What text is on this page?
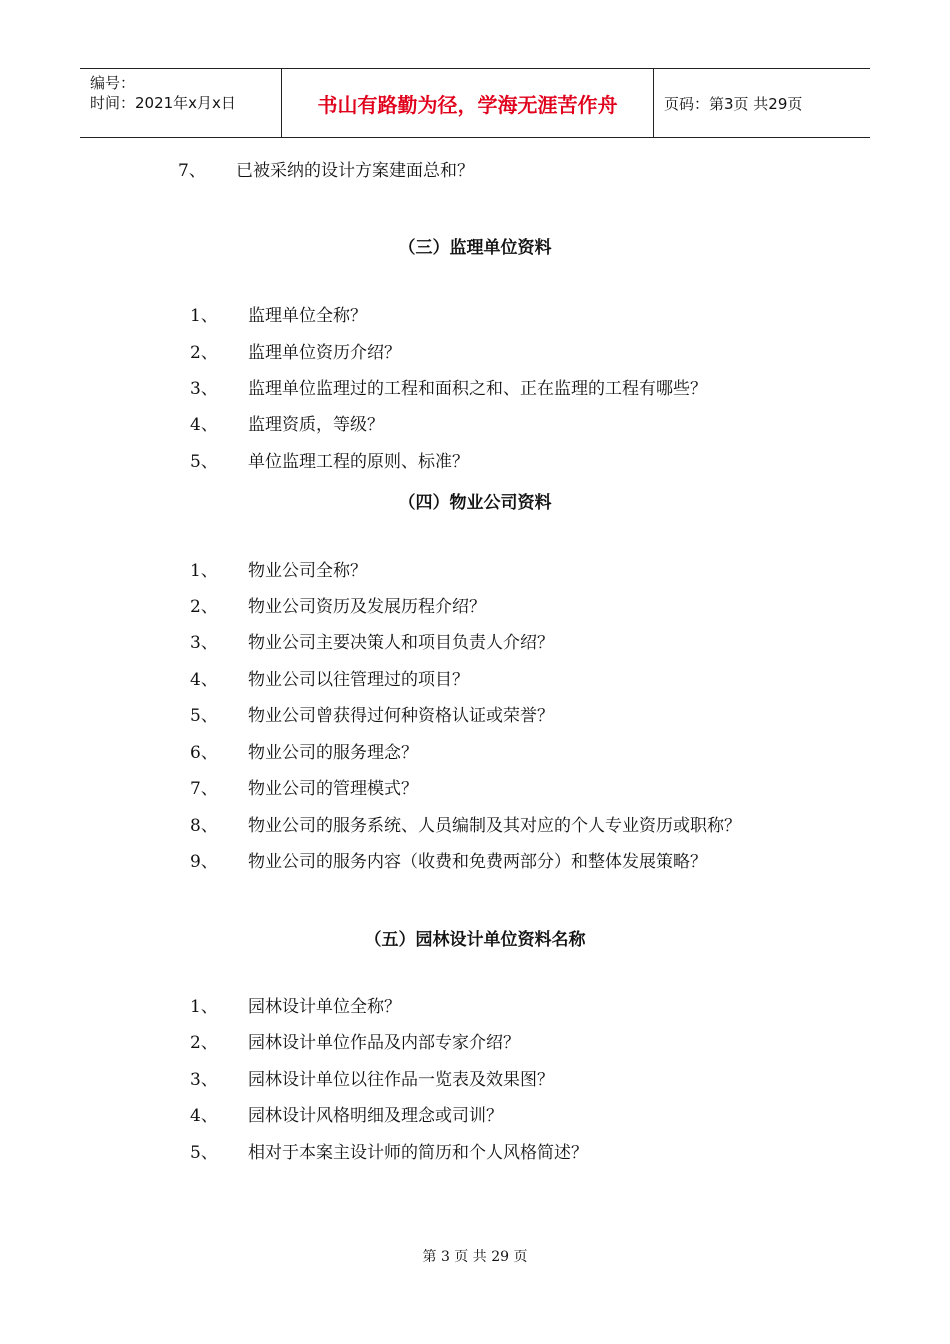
编号：
时间：2021年x月x日	书山有路勤为径，学海无涯苦作舟	页码：第3页 共29页
7、 已被采纳的设计方案建面总和？
（三）监理单位资料
1、 监理单位全称？
2、 监理单位资历介绍？
3、 监理单位监理过的工程和面积之和、正在监理的工程有哪些？
4、 监理资质，等级？
5、 单位监理工程的原则、标准？
（四）物业公司资料
1、 物业公司全称？
2、 物业公司资历及发展历程介绍？
3、 物业公司主要决策人和项目负责人介绍？
4、 物业公司以往管理过的项目？
5、 物业公司曾获得过何种资格认证或荣誉？
6、 物业公司的服务理念？
7、 物业公司的管理模式？
8、 物业公司的服务系统、人员编制及其对应的个人专业资历或职称？
9、 物业公司的服务内容（收费和免费两部分）和整体发展策略？
（五）园林设计单位资料名称
1、 园林设计单位全称？
2、 园林设计单位作品及内部专家介绍？
3、 园林设计单位以往作品一览表及效果图？
4、 园林设计风格明细及理念或司训？
5、 相对于本案主设计师的简历和个人风格简述？
第 3 页 共 29 页
